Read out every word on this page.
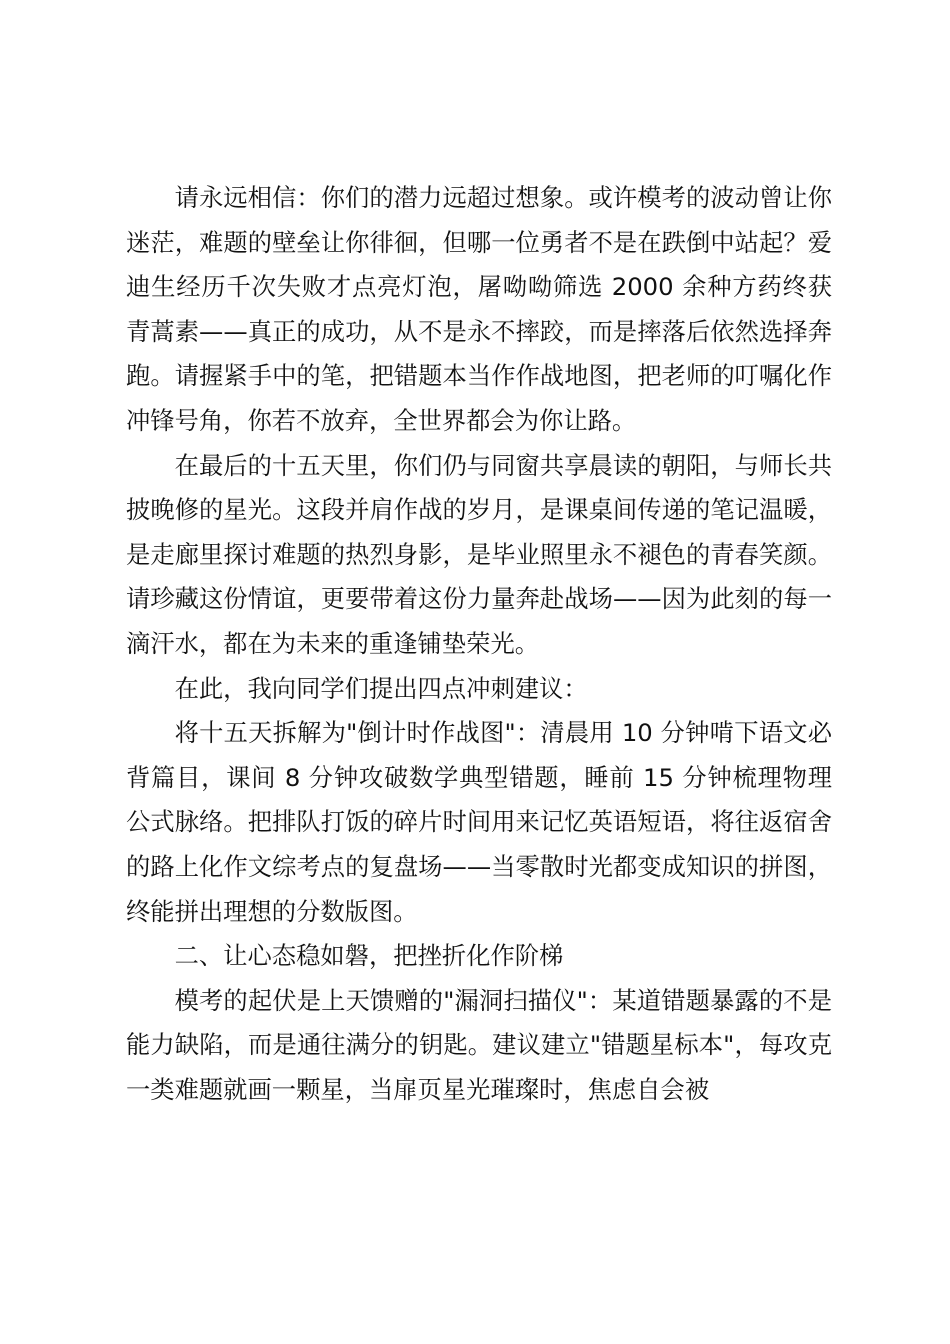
请永远相信：你们的潜力远超过想象。或许模考的波动曾让你迷茫，难题的壁垒让你徘徊，但哪一位勇者不是在跌倒中站起？爱迪生经历千次失败才点亮灯泡，屠呦呦筛选 2000 余种方药终获青蒿素——真正的成功，从不是永不摔跤，而是摔落后依然选择奔跑。请握紧手中的笔，把错题本当作作战地图，把老师的叮嘱化作冲锋号角，你若不放弃，全世界都会为你让路。

在最后的十五天里，你们仍与同窗共享晨读的朝阳，与师长共披晚修的星光。这段并肩作战的岁月，是课桌间传递的笔记温暖，是走廊里探讨难题的热烈身影，是毕业照里永不褪色的青春笑颜。请珍藏这份情谊，更要带着这份力量奔赴战场——因为此刻的每一滴汗水，都在为未来的重逢铺垫荣光。

在此，我向同学们提出四点冲刺建议：

将十五天拆解为"倒计时作战图"：清晨用 10 分钟啃下语文必背篇目，课间 8 分钟攻破数学典型错题，睡前 15 分钟梳理物理公式脉络。把排队打饭的碎片时间用来记忆英语短语，将往返宿舍的路上化作文综考点的复盘场——当零散时光都变成知识的拼图，终能拼出理想的分数版图。

二、让心态稳如磐，把挫折化作阶梯

模考的起伏是上天馈赠的"漏洞扫描仪"：某道错题暴露的不是能力缺陷，而是通往满分的钥匙。建议建立"错题星标本"，每攻克一类难题就画一颗星，当扉页星光璀璨时，焦虑自会被
